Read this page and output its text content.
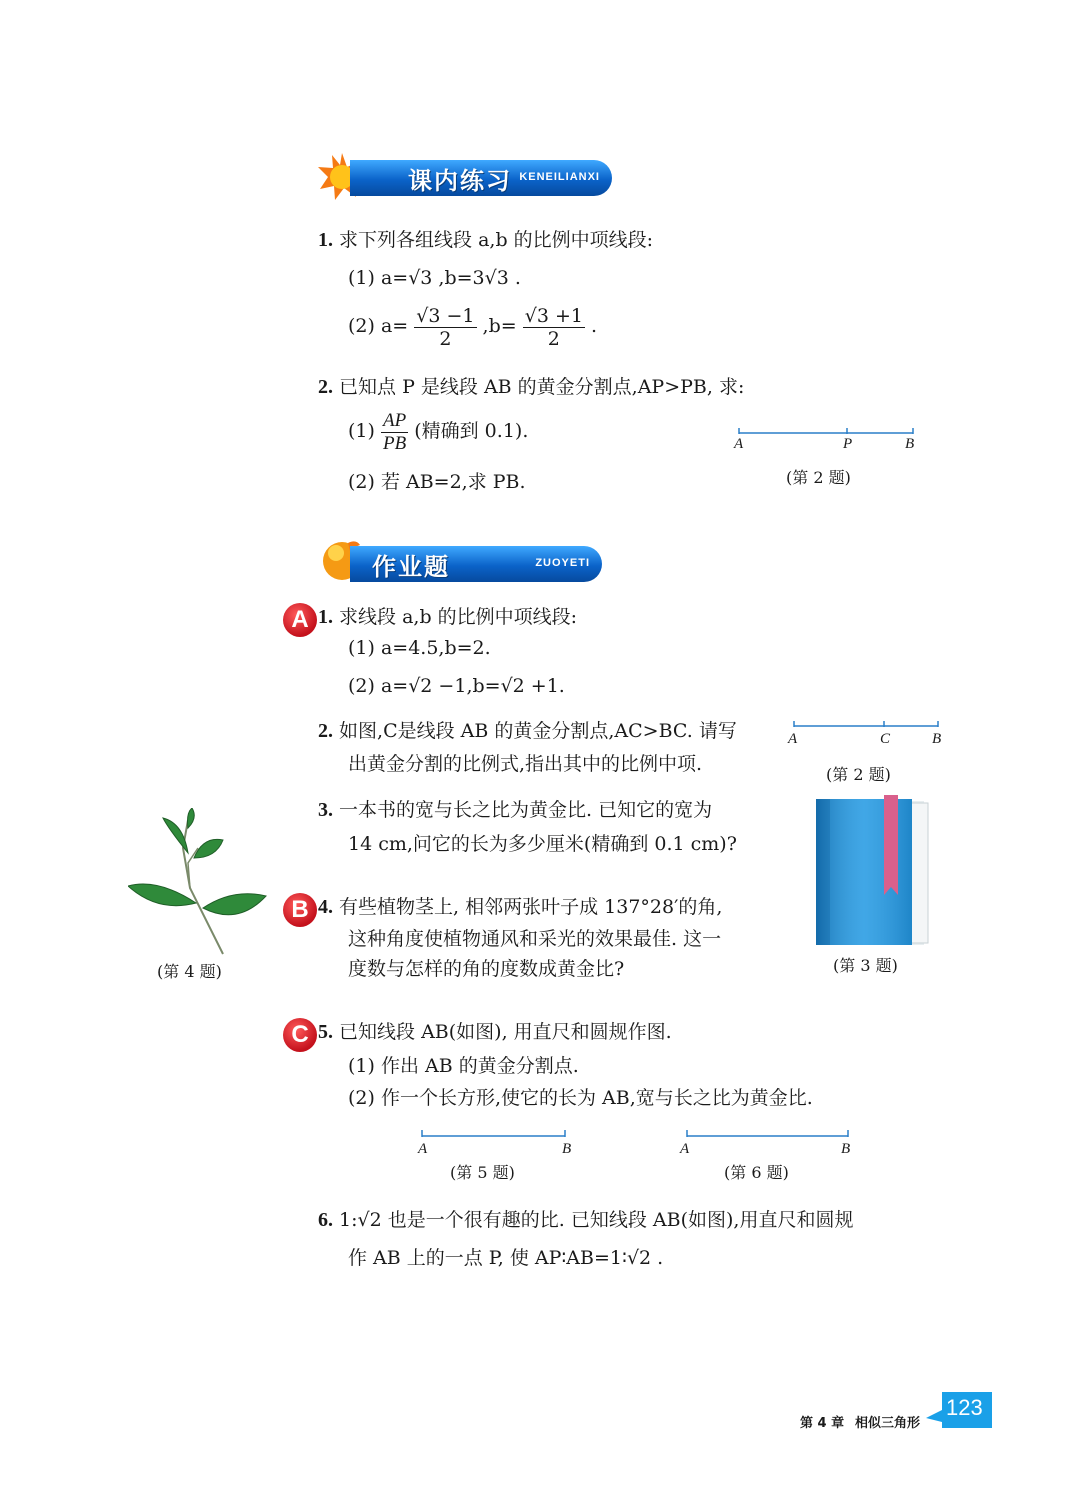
课内练习 KENEILIANXI
1. 求下列各组线段 a,b 的比例中项线段:
(1) a=√3 ,b=3√3 .
(2) $a= \frac{√3 -1}{2} ,b= \frac{√3 +1}{2}$ .
2. 已知点 P 是线段 AB 的黄金分割点,AP>PB, 求:
$(1) \frac{AP}{PB}$ (精确到 0.1).
(2) 若 AB=2,求 PB.
A	P	B
(第 2 题)
作业题	ZUOYETI
A 1. 求线段 a,b 的比例中项线段:
(1) a=4.5,b=2.
(2) a=√2 −1,b=√2 +1.
2. 如图,C是线段 AB 的黄金分割点,AC>BC. 请写
出黄金分割的比例式,指出其中的比例中项.
A	C	B
(第 2 题)
3. 一本书的宽与长之比为黄金比. 已知它的宽为
14 cm,问它的长为多少厘米(精确到 0.1 cm)?
(第 3 题)
B 4. 有些植物茎上, 相邻两张叶子成 137°28′的角,
这种角度使植物通风和采光的效果最佳. 这一
度数与怎样的角的度数成黄金比?
(第 4 题)
C 5. 已知线段 AB(如图), 用直尺和圆规作图.
(1) 作出 AB 的黄金分割点.
(2) 作一个长方形,使它的长为 AB,宽与长之比为黄金比.
A	B
(第 5 题)
A	B
(第 6 题)
6. 1:√2 也是一个很有趣的比. 已知线段 AB(如图),用直尺和圆规
作 AB 上的一点 P, 使 AP∶AB=1∶√2 .
第 4 章 相似三角形
123
